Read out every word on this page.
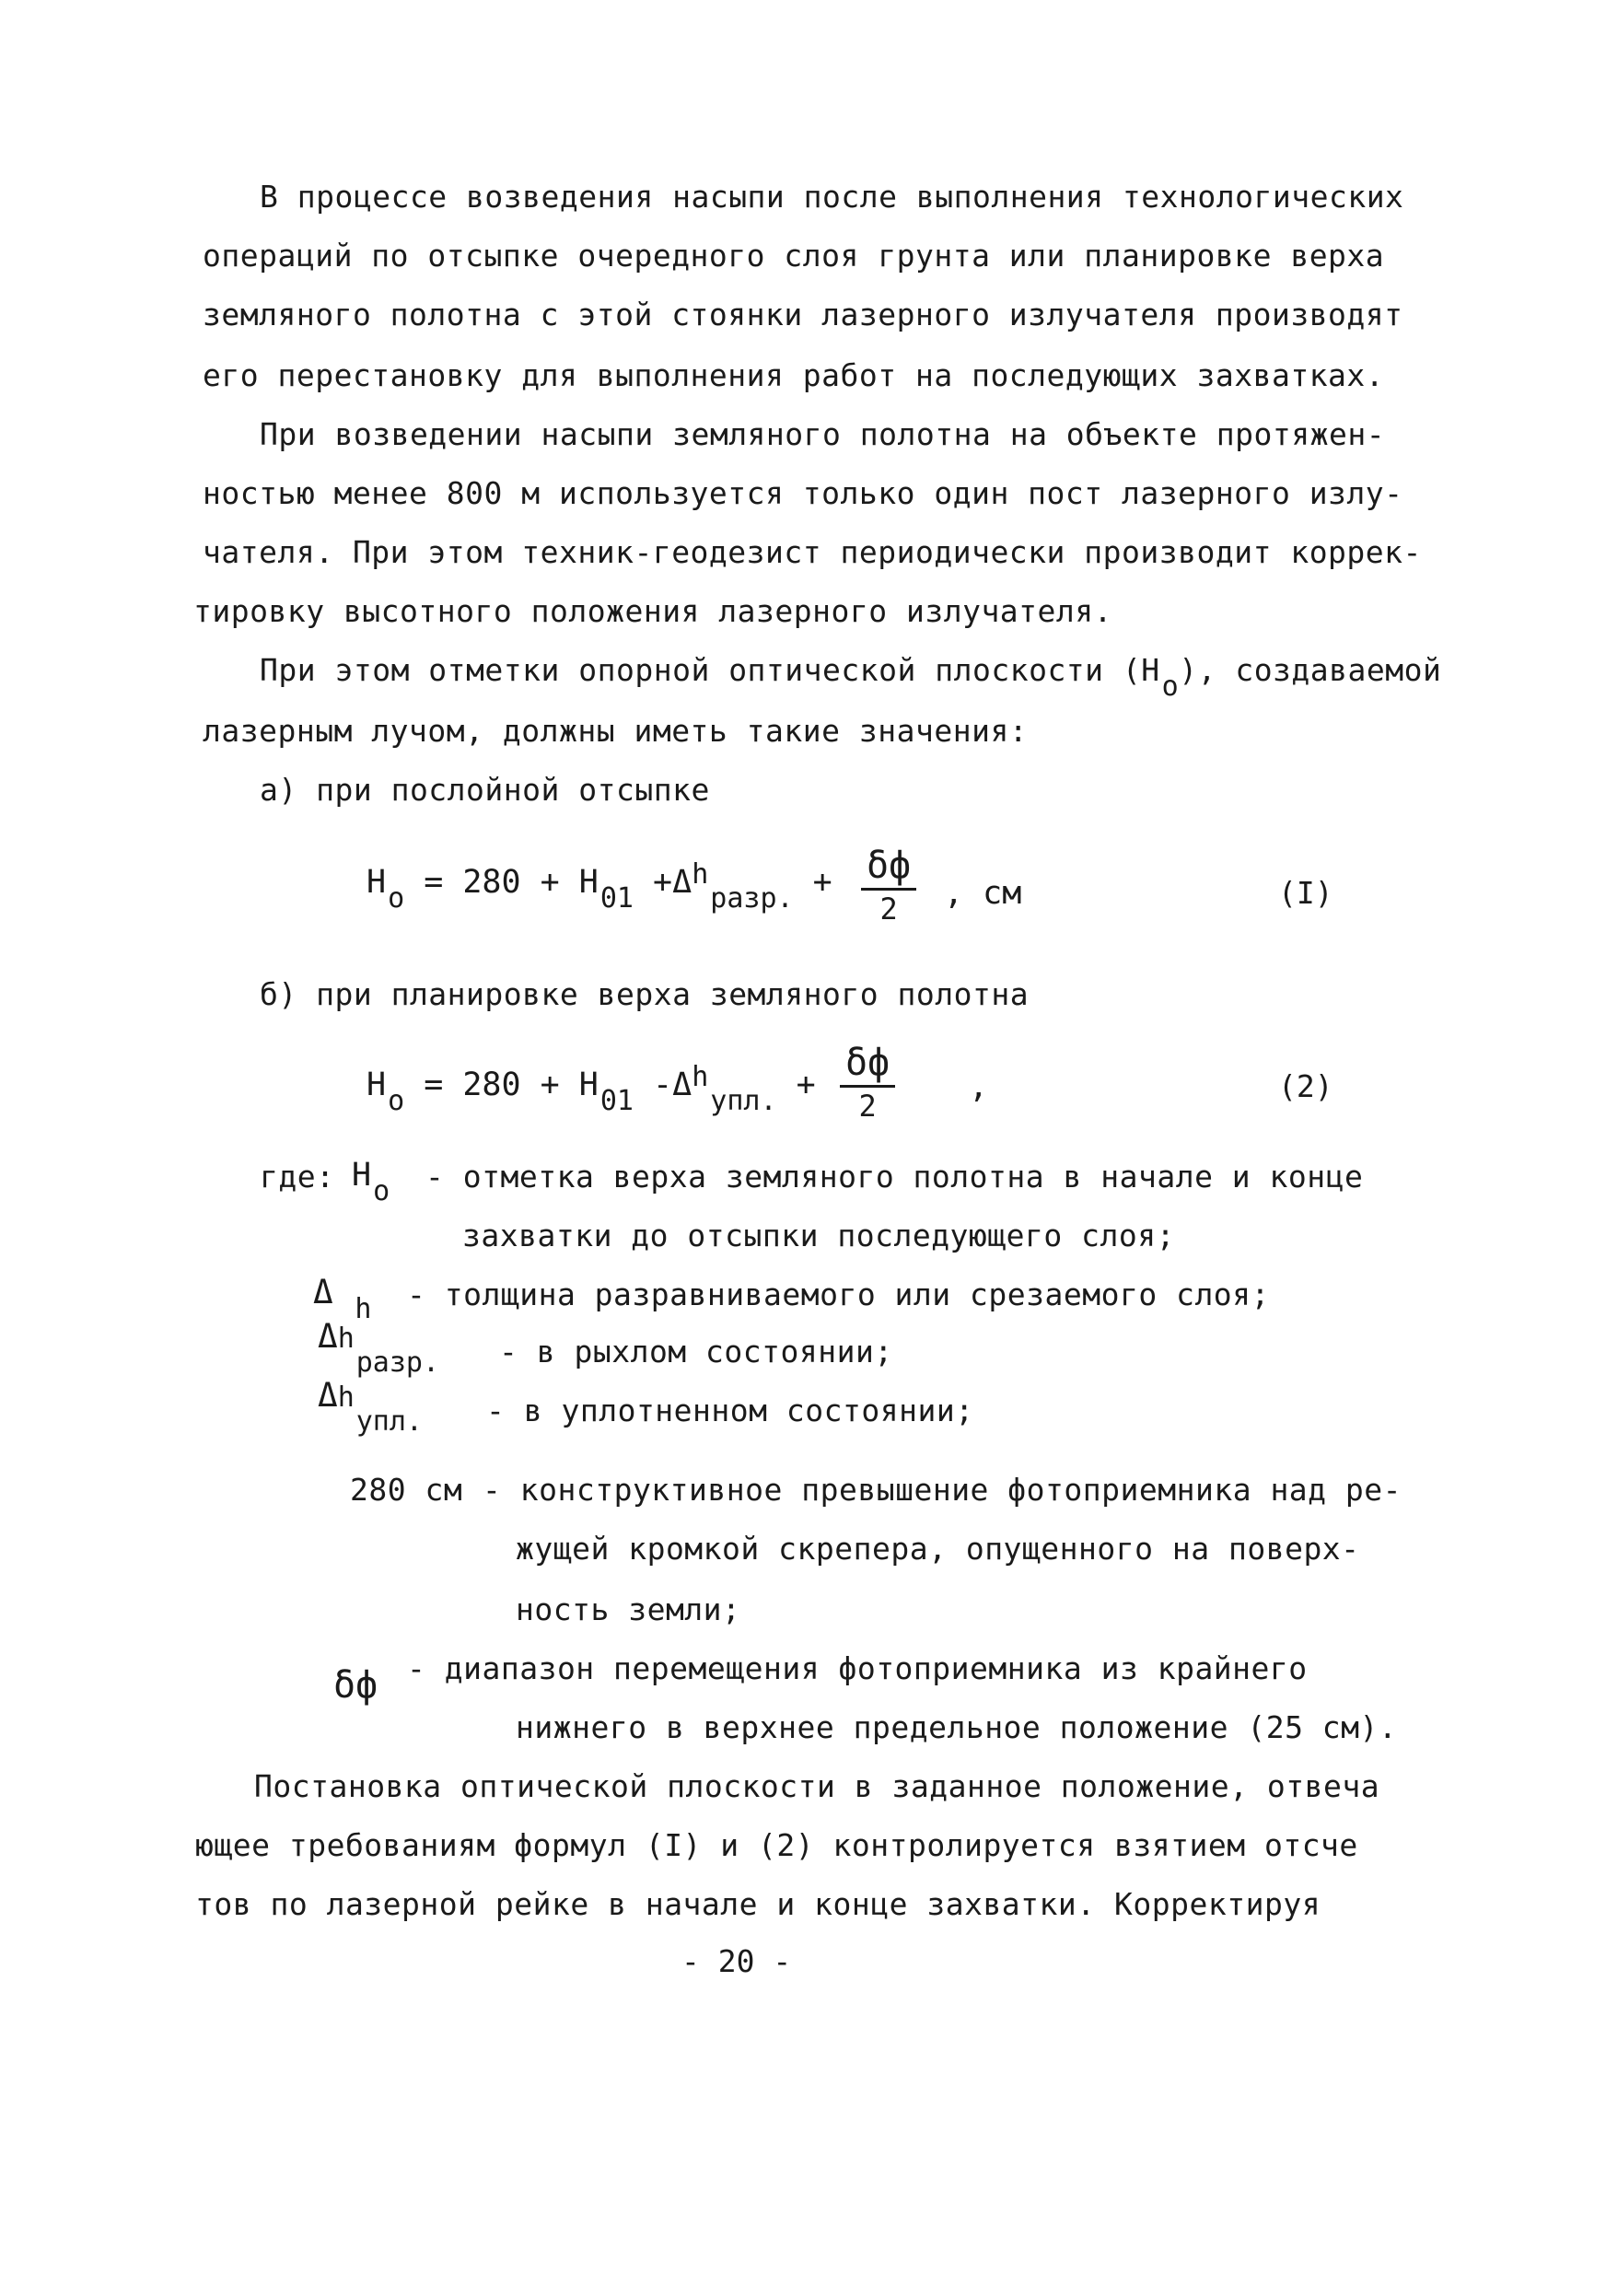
В процессе возведения насыпи после выполнения технологических
операций по отсыпке очередного слоя грунта или планировке верха
земляного полотна с этой стоянки лазерного излучателя производят
его перестановку для выполнения работ на последующих захватках.
При возведении насыпи земляного полотна на объекте протяжен-
ностью менее 800 м используется только один пост лазерного излу-
чателя. При этом техник-геодезист периодически производит коррек-
тировку высотного положения лазерного излучателя.
При этом отметки опорной оптической плоскости (Но), создаваемой
лазерным лучом, должны иметь такие значения:
а) при послойной отсыпке
Но = 280 + Н01 +Δhразр. + δф
2	, см	(I)
б) при планировке верха земляного полотна
Но = 280 + Н01 -Δhупл. +
δф
2
,	(2)
где: Но - отметка верха земляного полотна в начале и конце
захватки до отсыпки последующего слоя;
Δ $_h$ - толщина разравниваемого или срезаемого слоя;
$\Delta h_{разр.}$ - в рыхлом состоянии;
$\Delta h_{упл.}$ - в уплотненном состоянии;
280 см - конструктивное превышение фотоприемника над ре-
жущей кромкой скрепера, опущенного на поверх-
ность земли;
δф - диапазон перемещения фотоприемника из крайнего
нижнего в верхнее предельное положение (25 см).
Постановка оптической плоскости в заданное положение, отвеча
ющее требованиям формул (I) и (2) контролируется взятием отсче
тов по лазерной рейке в начале и конце захватки. Корректируя
- 20 -
